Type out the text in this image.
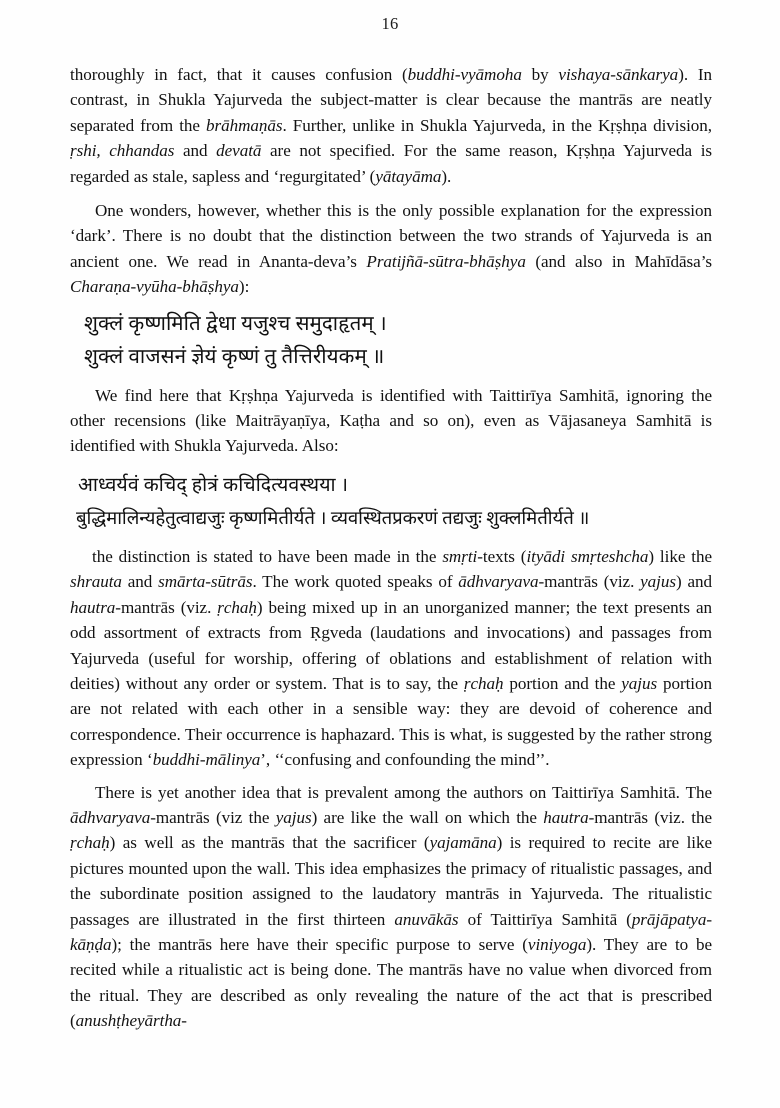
16

thoroughly in fact, that it causes confusion (buddhi-vyāmoha by vishaya-sānkarya). In contrast, in Shukla Yajurveda the subject-matter is clear because the mantrās are neatly separated from the brāhmaṇās. Further, unlike in Shukla Yajurveda, in the Kṛṣhṇa division, ṛshi, chhandas and devatā are not specified. For the same reason, Kṛṣhṇa Yajurveda is regarded as stale, sapless and ‘regurgitated’ (yātayāma).

One wonders, however, whether this is the only possible explanation for the expression ‘dark’. There is no doubt that the distinction between the two strands of Yajurveda is an ancient one. We read in Ananta-deva’s Pratijñā-sūtra-bhāṣhya (and also in Mahīdāsa’s Charaṇa-vyūha-bhāṣhya):

शुक्लं कृष्णमिति द्वेधा यजुश्च समुदाहृतम् ।
शुक्लं वाजसनं ज्ञेयं कृष्णं तु तैत्तिरीयकम् ॥

We find here that Kṛṣhṇa Yajurveda is identified with Taittirīya Samhitā, ignoring the other recensions (like Maitrāyaṇīya, Kaṭha and so on), even as Vājasaneya Samhitā is identified with Shukla Yajurveda. Also:

आध्वर्यवं कचिद् होत्रं कचिदित्यवस्थया ।
बुद्धिमालिन्यहेतुत्वाद्यजुः कृष्णमितीर्यते । व्यवस्थितप्रकरणं तद्यजुः शुक्लमितीर्यते ॥

the distinction is stated to have been made in the smṛti-texts (ityādi smṛteshcha) like the shrauta and smārta-sūtrās. The work quoted speaks of ādhvaryava-mantrās (viz. yajus) and hautra-mantrās (viz. ṛchaḥ) being mixed up in an unorganized manner; the text presents an odd assortment of extracts from Ṛgveda (laudations and invocations) and passages from Yajurveda (useful for worship, offering of oblations and establishment of relation with deities) without any order or system. That is to say, the ṛchaḥ portion and the yajus portion are not related with each other in a sensible way: they are devoid of coherence and correspondence. Their occurrence is haphazard. This is what, is suggested by the rather strong expression ‘buddhi-mālinya’, ‘‘confusing and confounding the mind’’.

There is yet another idea that is prevalent among the authors on Taittirīya Samhitā. The ādhvaryava-mantrās (viz the yajus) are like the wall on which the hautra-mantrās (viz. the ṛchaḥ) as well as the mantrās that the sacrificer (yajamāna) is required to recite are like pictures mounted upon the wall. This idea emphasizes the primacy of ritualistic passages, and the subordinate position assigned to the laudatory mantrās in Yajurveda. The ritualistic passages are illustrated in the first thirteen anuvākās of Taittirīya Samhitā (prājāpatya-kāṇḍa); the mantrās here have their specific purpose to serve (viniyoga). They are to be recited while a ritualistic act is being done. The mantrās have no value when divorced from the ritual. They are described as only revealing the nature of the act that is prescribed (anushṭheyārtha-
